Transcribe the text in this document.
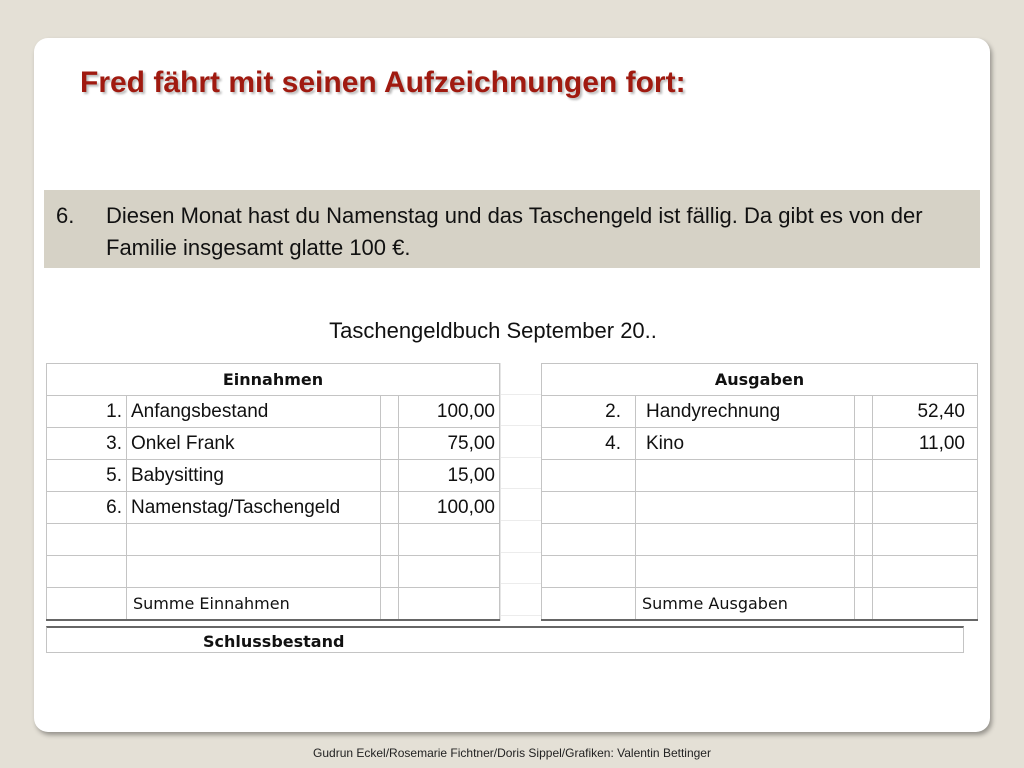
Fred fährt mit seinen Aufzeichnungen fort:
6. Diesen Monat hast du Namenstag und das Taschengeld ist fällig. Da gibt es von der Familie insgesamt glatte 100 €.
Taschengeldbuch September 20..
Einnahmen			
1.	Anfangsbestand		100,00
3.	Onkel Frank		75,00
5.	Babysitting		15,00
6.	Namenstag/Taschengeld		100,00

	Summe Einnahmen		
Ausgaben			
2.	Handyrechnung		52,40
4.	Kino		11,00

	Summe Ausgaben		
Schlussbestand
Gudrun Eckel/Rosemarie Fichtner/Doris Sippel/Grafiken: Valentin Bettinger
